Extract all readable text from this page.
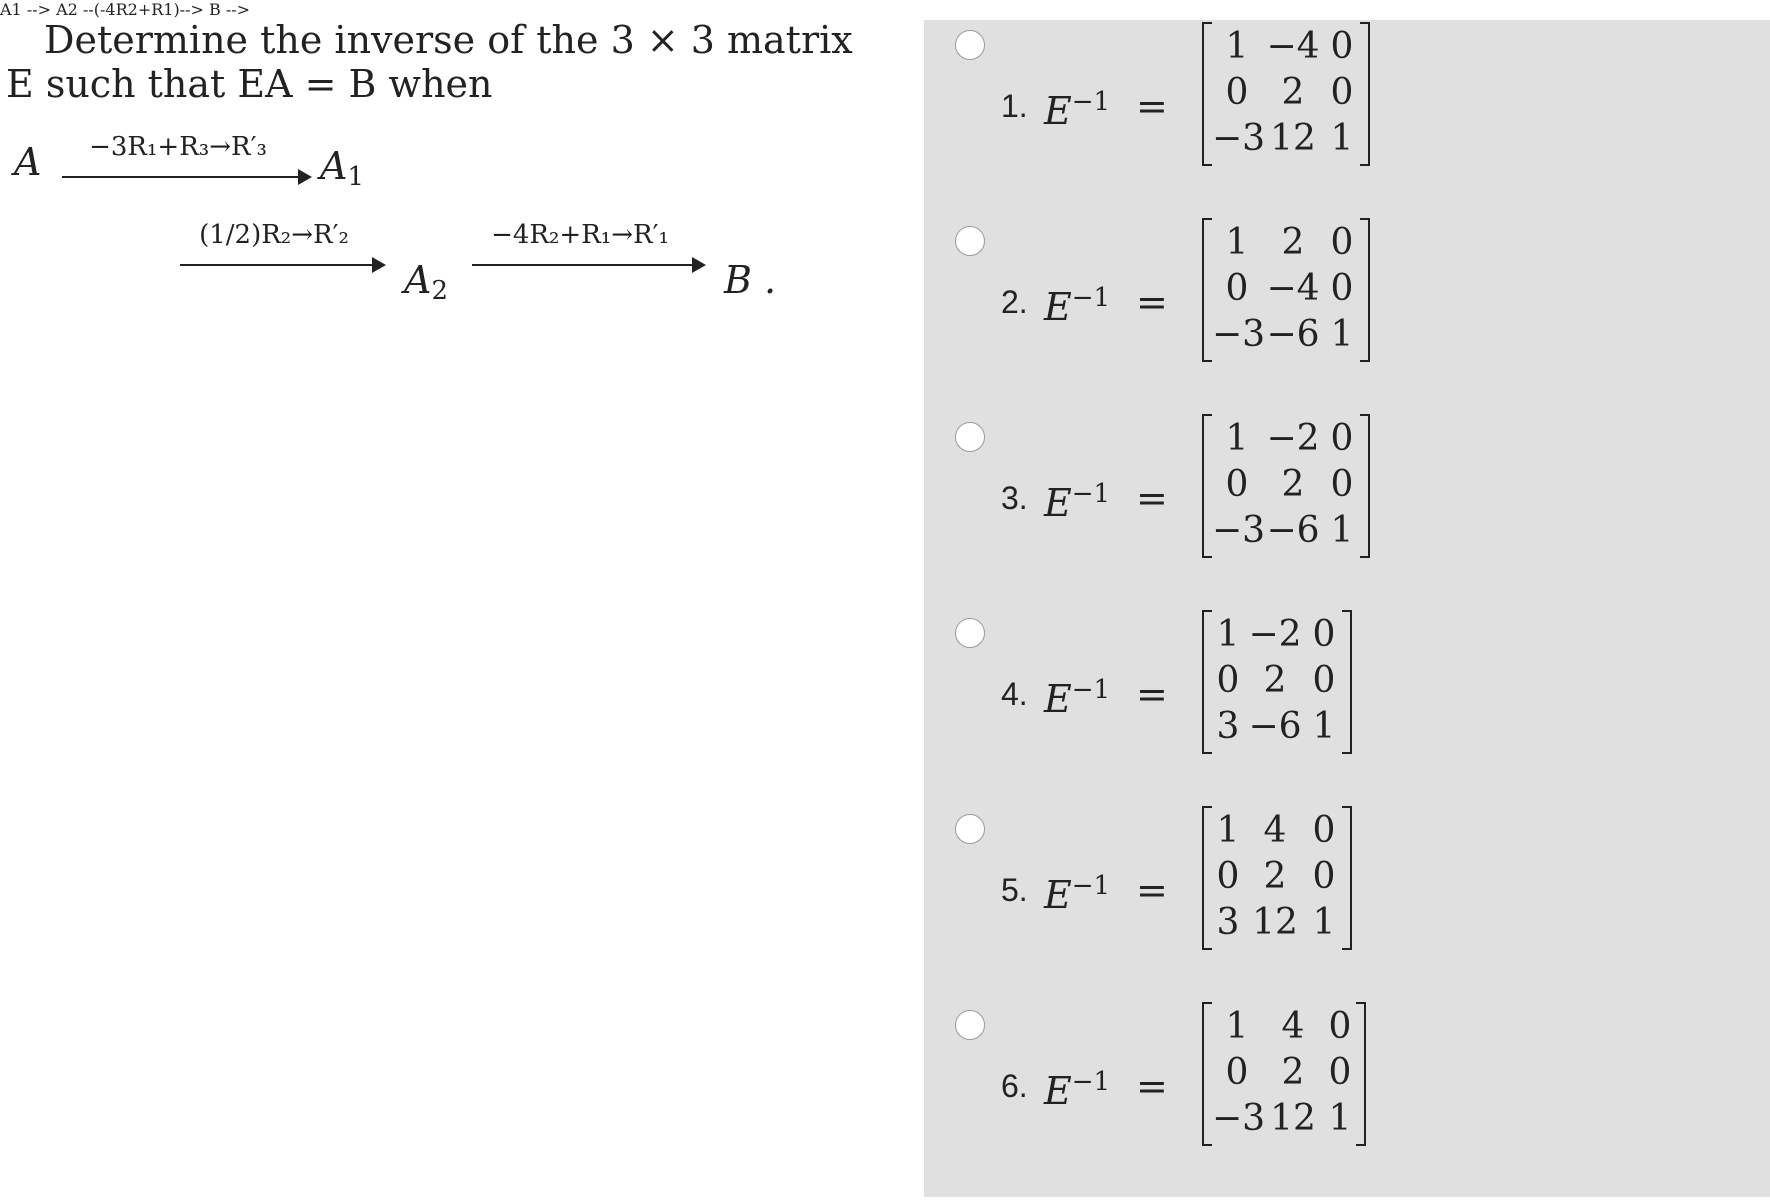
Determine the inverse of the 3 × 3 matrix
E such that EA = B when
A1 -->
A	−3R₁+R₃→R′₃	$A_1$
A2 --(-4R2+R1)--> B -->
(1/2)R₂→R′₂
$A_2$
−4R₂+R₁→R′₁
B .
1. $E^{-1}$ =
1 −4 0
0 2 0
−3 12 1
2. $E^{-1}$ =
1 2 0
0 −4 0
−3 −6 1
3. $E^{-1}$ =
1 −2 0
0 2 0
−3 −6 1
4. $E^{-1}$ =
1 −2 0
0 2 0
3 −6 1
5. $E^{-1}$ =
1 4 0
0 2 0
3 12 1
6. $E^{-1}$ =
1 4 0
0 2 0
−3 12 1
